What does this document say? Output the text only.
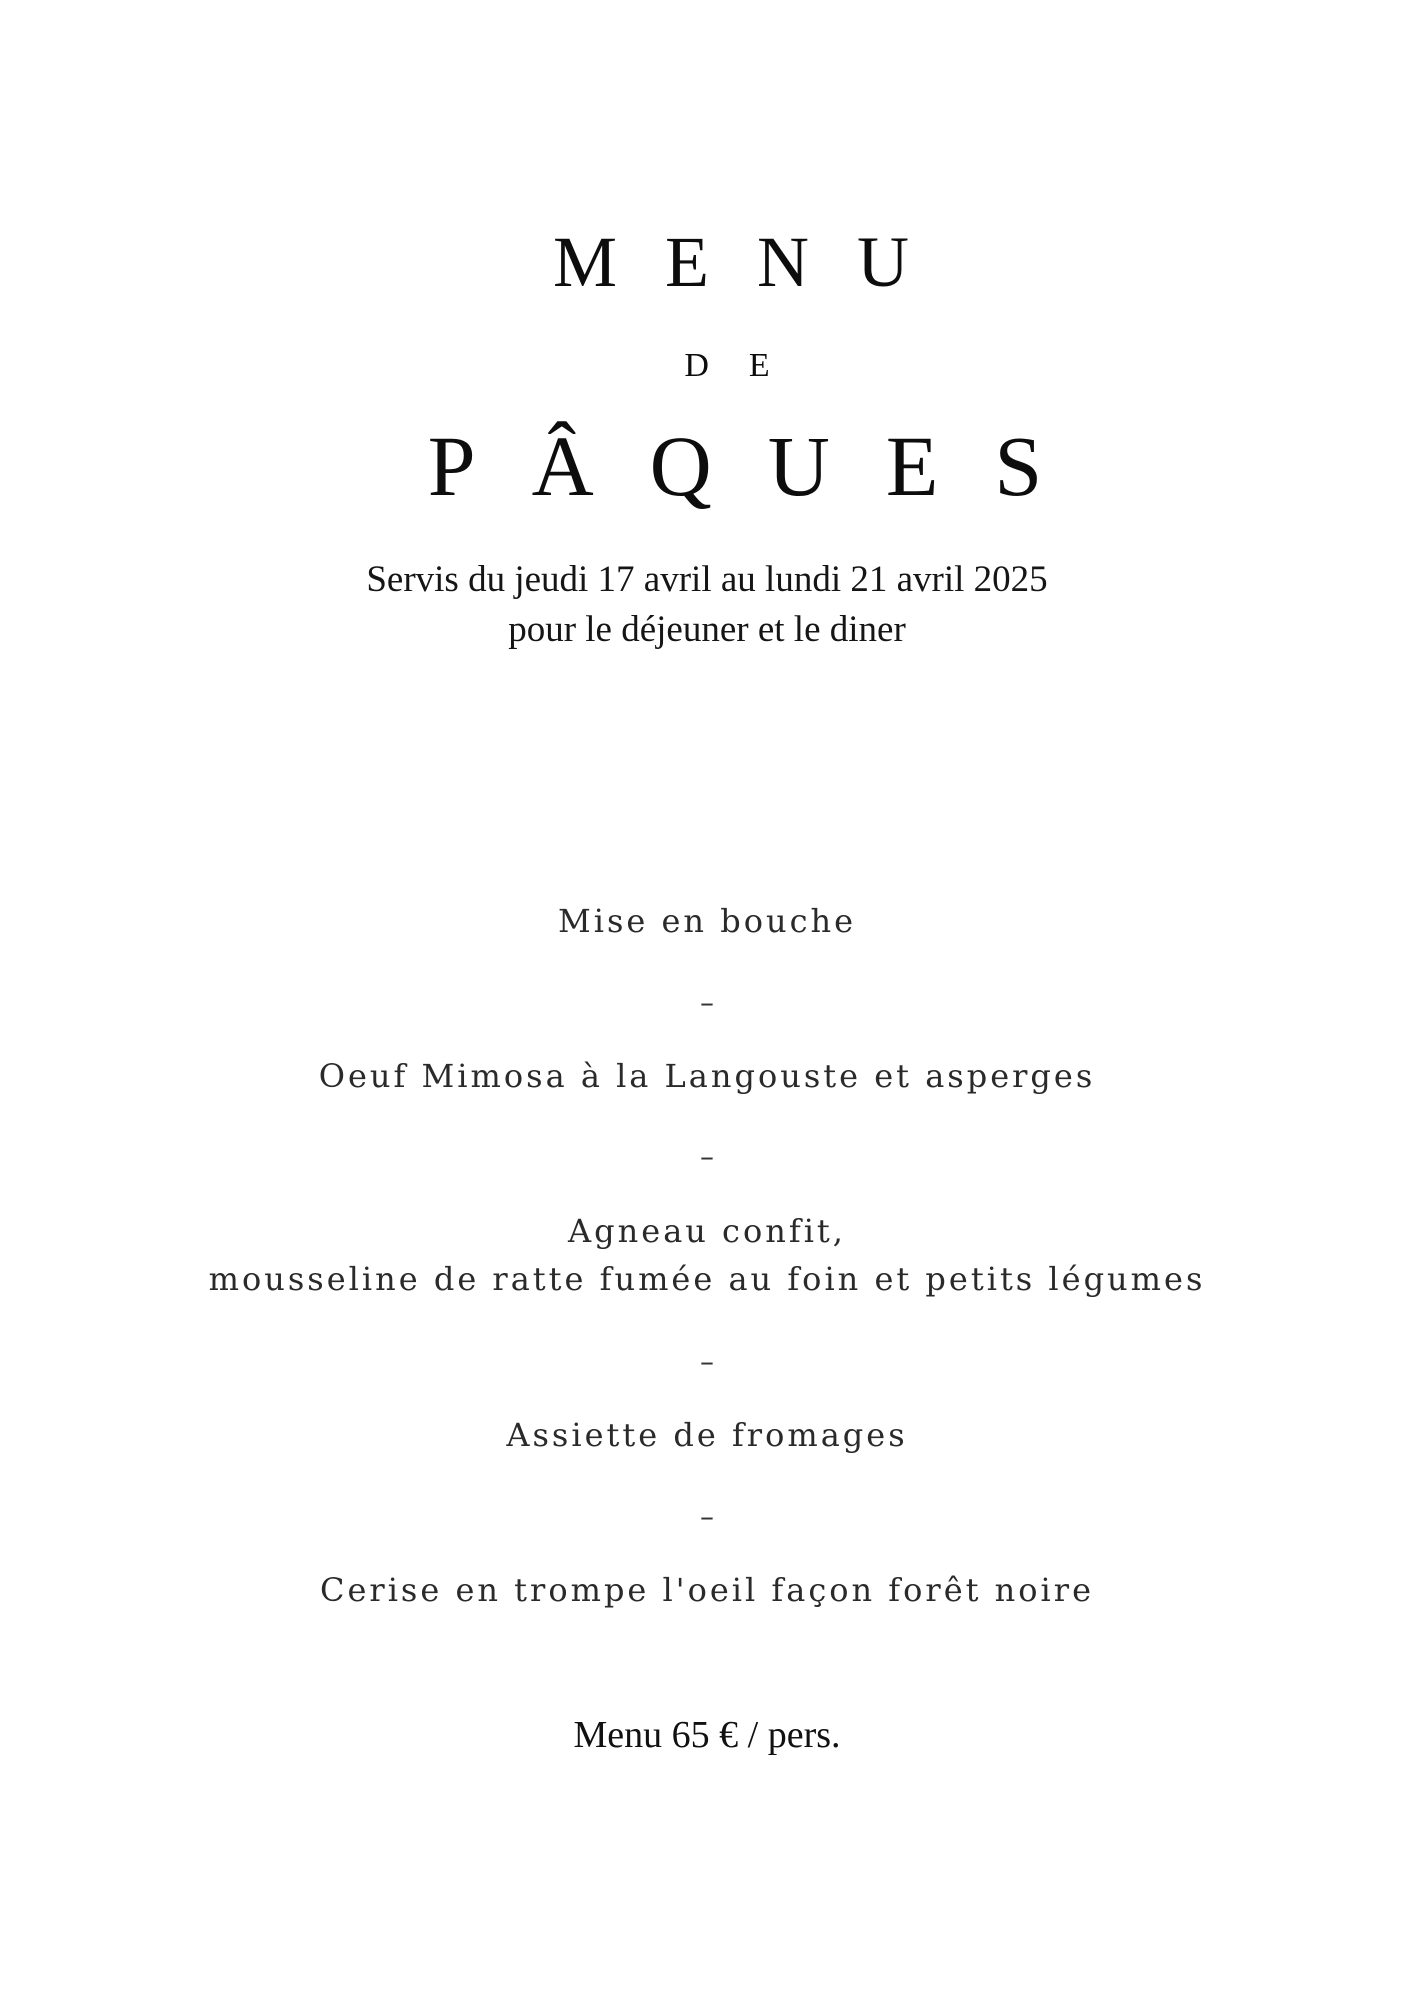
MENU
DE
PÂQUES
Servis du jeudi 17 avril au lundi 21 avril 2025
pour le déjeuner et le diner
Mise en bouche
–
Oeuf Mimosa à la Langouste et asperges
–
Agneau confit,
mousseline de ratte fumée au foin et petits légumes
–
Assiette de fromages
–
Cerise en trompe l'oeil façon forêt noire
Menu 65 € / pers.
